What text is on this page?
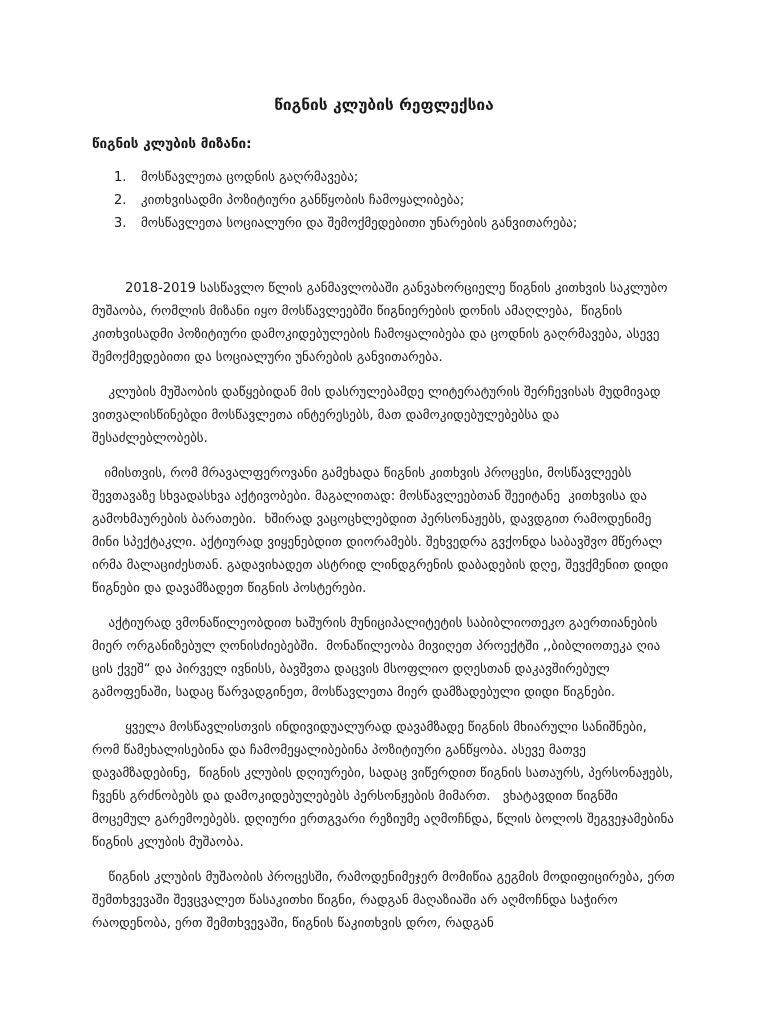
წიგნის კლუბის რეფლექსია
წიგნის კლუბის მიზანი:
1.	მოსწავლეთა ცოდნის გაღრმავება;
2.	კითხვისადმი პოზიტიური განწყობის ჩამოყალიბება;
3.	მოსწავლეთა სოციალური და შემოქმედებითი უნარების განვითარება;

2018-2019 სასწავლო წლის განმავლობაში განვახორციელე წიგნის კითხვის საკლუბო მუშაობა, რომლის მიზანი იყო მოსწავლეებში წიგნიერების დონის ამაღლება,  წიგნის კითხვისადმი პოზიტიური დამოკიდებულების ჩამოყალიბება და ცოდნის გაღრმავება, ასევე შემოქმედებითი და სოციალური უნარების განვითარება.

კლუბის მუშაობის დაწყებიდან მის დასრულებამდე ლიტერატურის შერჩევისას მუდმივად ვითვალისწინებდი მოსწავლეთა ინტერესებს, მათ დამოკიდებულებებსა და შესაძლებლობებს.

იმისთვის, რომ მრავალფეროვანი გამეხადა წიგნის კითხვის პროცესი, მოსწავლეებს შევთავაზე სხვადასხვა აქტივობები. მაგალითად: მოსწავლეებთან შეეიტანე  კითხვისა და  გამოხმაურების ბარათები.  ხშირად ვაცოცხლებდით პერსონაჟებს, დავდგით რამოდენიმე მინი სპექტაკლი. აქტიურად ვიყენებდით დიორამებს. შეხვედრა გვქონდა საბავშვო მწერალ ირმა მალაციძესთან. გადავიხადეთ ასტრიდ ლინდგრენის დაბადების დღე, შევქმენით დიდი წიგნები და დავამზადეთ წიგნის პოსტერები.

აქტიურად ვმონაწილეობდით ხაშურის მუნიციპალიტეტის საბიბლიოთეკო გაერთიანების მიერ ორგანიზებულ ღონისძიებებში.  მონაწილეობა მივიღეთ პროექტში ,,ბიბლიოთეკა ღია ცის ქვეშ“ და პირველ ივნისს, ბავშვთა დაცვის მსოფლიო დღესთან დაკავშირებულ  გამოფენაში, სადაც წარვადგინეთ, მოსწავლეთა მიერ დამზადებული დიდი წიგნები.

ყველა მოსწავლისთვის ინდივიდუალურად დავამზადე წიგნის მხიარული სანიშნები, რომ წამეხალისებინა და ჩამომეყალიბებინა პოზიტიური განწყობა. ასევე მათვე დავამზადებინე,  წიგნის კლუბის დღიურები, სადაც ვიწერდით წიგნის სათაურს, პერსონაჟებს, ჩვენს გრძნობებს და დამოკიდებულებებს პერსონჟების მიმართ.   ვხატავდით წიგნში მოცემულ გარემოებებს. დღიური ერთგვარი რეზიუმე აღმოჩნდა, წლის ბოლოს შეგვეჯამებინა წიგნის კლუბის მუშაობა.

წიგნის კლუბის მუშაობის პროცესში, რამოდენიმეჯერ მომიწია გეგმის მოდიფიცირება, ერთ შემთხვევაში შევცვალეთ წასაკითხი წიგნი, რადგან მაღაზიაში არ აღმოჩნდა საჭირო რაოდენობა, ერთ შემთხვევაში, წიგნის წაკითხვის დრო, რადგან
